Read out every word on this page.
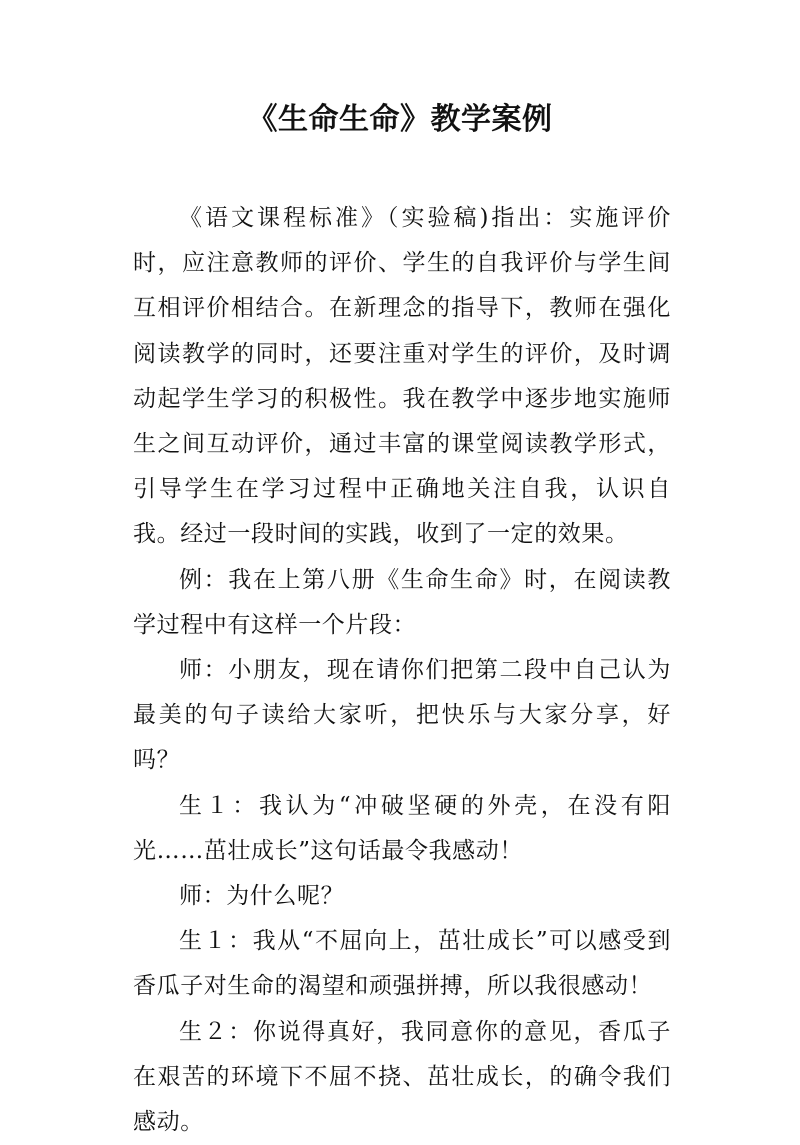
《生命生命》教学案例

《语文课程标准》（实验稿)指出：实施评价时，应注意教师的评价、学生的自我评价与学生间互相评价相结合。在新理念的指导下，教师在强化阅读教学的同时，还要注重对学生的评价，及时调动起学生学习的积极性。我在教学中逐步地实施师生之间互动评价，通过丰富的课堂阅读教学形式，引导学生在学习过程中正确地关注自我，认识自我。经过一段时间的实践，收到了一定的效果。

例：我在上第八册《生命生命》时，在阅读教学过程中有这样一个片段：

师：小朋友，现在请你们把第二段中自己认为最美的句子读给大家听，把快乐与大家分享，好吗？

生１：我认为“冲破坚硬的外壳，在没有阳光……茁壮成长”这句话最令我感动！

师：为什么呢？

生１：我从“不屈向上，茁壮成长”可以感受到香瓜子对生命的渴望和顽强拼搏，所以我很感动！

生２：你说得真好，我同意你的意见，香瓜子在艰苦的环境下不屈不挠、茁壮成长，的确令我们感动。
